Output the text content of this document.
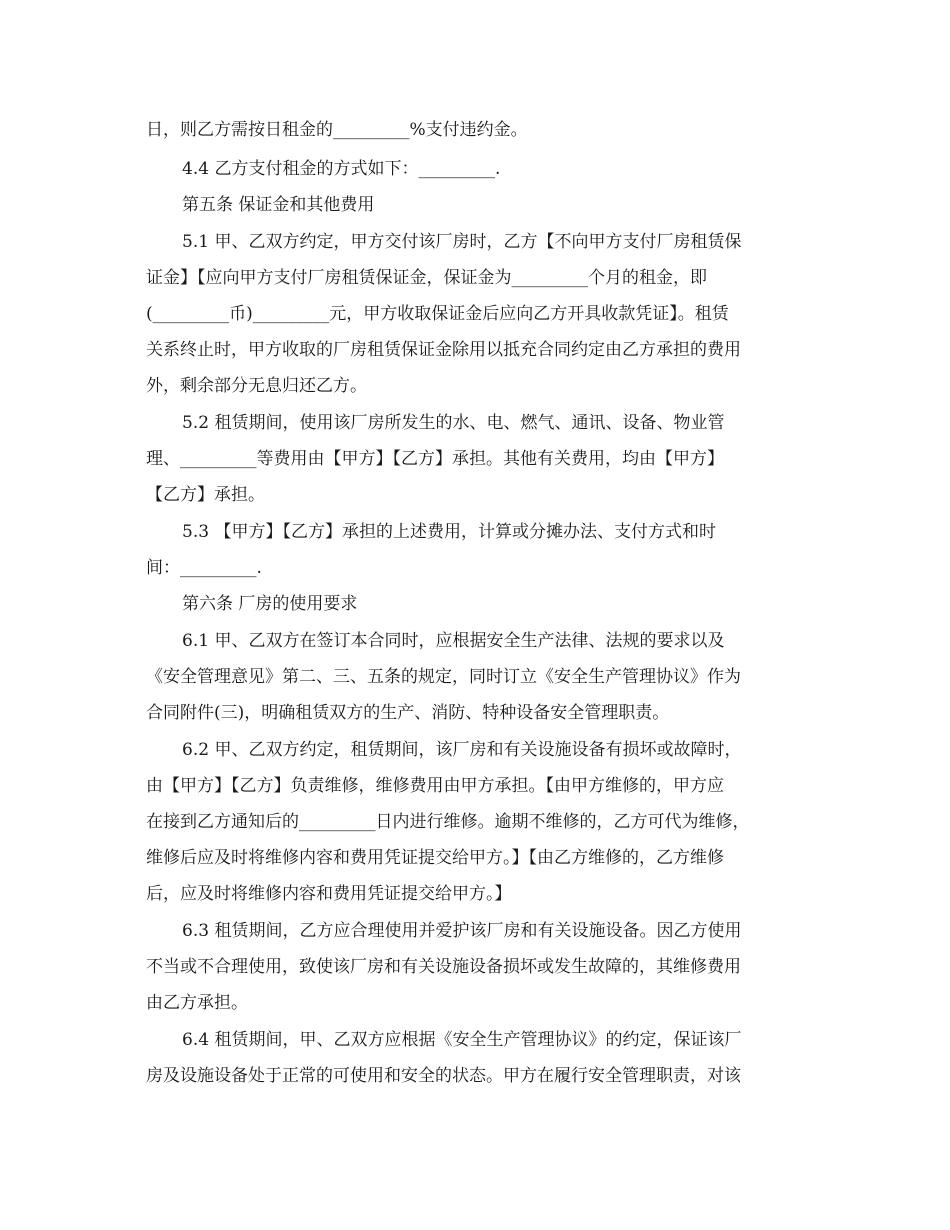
日，则乙方需按日租金的_________%支付违约金。
4.4 乙方支付租金的方式如下：_________.
第五条 保证金和其他费用
5.1 甲、乙双方约定，甲方交付该厂房时，乙方【不向甲方支付厂房租赁保
证金】【应向甲方支付厂房租赁保证金，保证金为_________个月的租金，即
(_________币)_________元，甲方收取保证金后应向乙方开具收款凭证】。租赁
关系终止时，甲方收取的厂房租赁保证金除用以抵充合同约定由乙方承担的费用
外，剩余部分无息归还乙方。
5.2 租赁期间，使用该厂房所发生的水、电、燃气、通讯、设备、物业管
理、_________等费用由【甲方】【乙方】承担。其他有关费用，均由【甲方】
【乙方】承担。
5.3 【甲方】【乙方】承担的上述费用，计算或分摊办法、支付方式和时
间：_________.
第六条 厂房的使用要求
6.1 甲、乙双方在签订本合同时，应根据安全生产法律、法规的要求以及
《安全管理意见》第二、三、五条的规定，同时订立《安全生产管理协议》作为
合同附件(三)，明确租赁双方的生产、消防、特种设备安全管理职责。
6.2 甲、乙双方约定，租赁期间，该厂房和有关设施设备有损坏或故障时，
由【甲方】【乙方】负责维修，维修费用由甲方承担。【由甲方维修的，甲方应
在接到乙方通知后的_________日内进行维修。逾期不维修的，乙方可代为维修，
维修后应及时将维修内容和费用凭证提交给甲方。】【由乙方维修的，乙方维修
后，应及时将维修内容和费用凭证提交给甲方。】
6.3 租赁期间，乙方应合理使用并爱护该厂房和有关设施设备。因乙方使用
不当或不合理使用，致使该厂房和有关设施设备损坏或发生故障的，其维修费用
由乙方承担。
6.4 租赁期间，甲、乙双方应根据《安全生产管理协议》的约定，保证该厂
房及设施设备处于正常的可使用和安全的状态。甲方在履行安全管理职责，对该
